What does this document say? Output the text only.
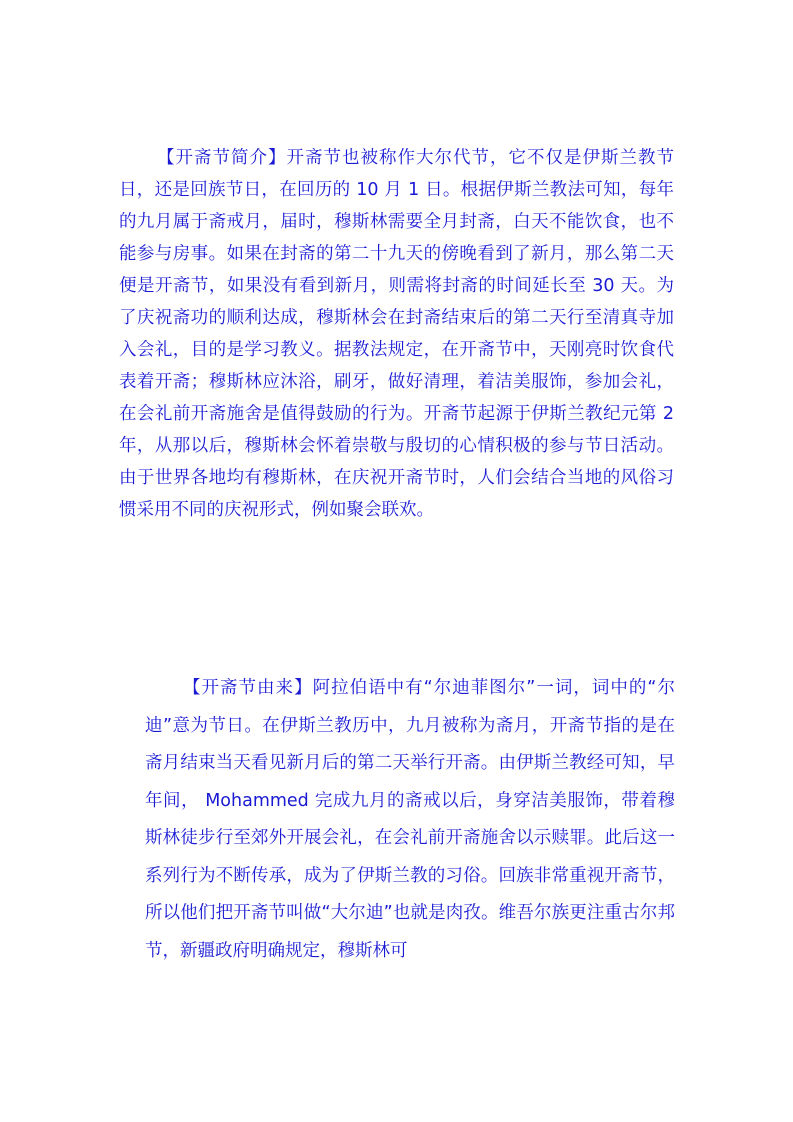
【开斋节简介】开斋节也被称作大尔代节，它不仅是伊斯兰教节日，还是回族节日，在回历的 10 月 1 日。根据伊斯兰教法可知，每年的九月属于斋戒月，届时，穆斯林需要全月封斋，白天不能饮食，也不能参与房事。如果在封斋的第二十九天的傍晚看到了新月，那么第二天便是开斋节，如果没有看到新月，则需将封斋的时间延长至 30 天。为了庆祝斋功的顺利达成，穆斯林会在封斋结束后的第二天行至清真寺加入会礼，目的是学习教义。据教法规定，在开斋节中，天刚亮时饮食代表着开斋；穆斯林应沐浴，刷牙，做好清理，着洁美服饰，参加会礼，在会礼前开斋施舍是值得鼓励的行为。开斋节起源于伊斯兰教纪元第 2 年，从那以后，穆斯林会怀着崇敬与殷切的心情积极的参与节日活动。由于世界各地均有穆斯林，在庆祝开斋节时，人们会结合当地的风俗习惯采用不同的庆祝形式，例如聚会联欢。

【开斋节由来】阿拉伯语中有“尔迪菲图尔”一词，词中的“尔迪”意为节日。在伊斯兰教历中，九月被称为斋月，开斋节指的是在斋月结束当天看见新月后的第二天举行开斋。由伊斯兰教经可知，早年间， Mohammed 完成九月的斋戒以后，身穿洁美服饰，带着穆斯林徒步行至郊外开展会礼，在会礼前开斋施舍以示赎罪。此后这一系列行为不断传承，成为了伊斯兰教的习俗。回族非常重视开斋节，所以他们把开斋节叫做“大尔迪”也就是肉孜。维吾尔族更注重古尔邦节，新疆政府明确规定，穆斯林可
